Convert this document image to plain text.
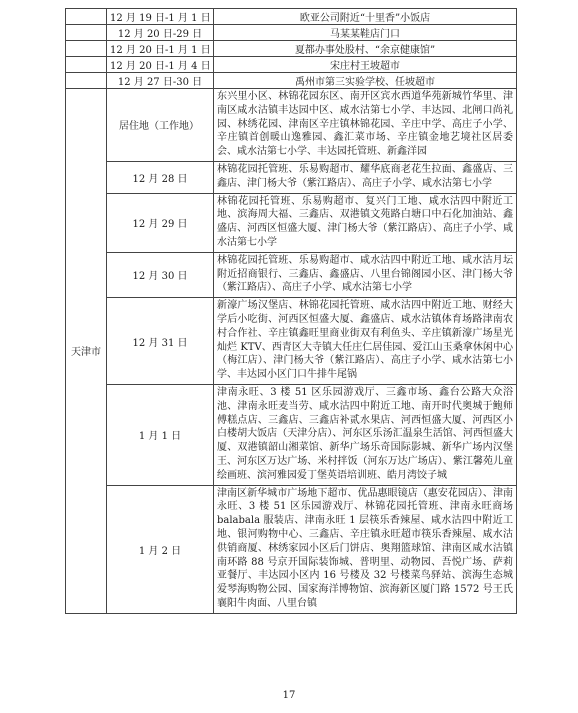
	12 月 19 日-1 月 1 日	欧亚公司附近“十里香”小饭店
	12 月 20 日-29 日	马某某鞋店门口
	12 月 20 日-1 月 1 日	夏都办事处股村、“余京健康馆”
	12 月 20 日-1 月 4 日	宋庄村王坡超市
	12 月 27 日-30 日	禹州市第三实验学校、任坡超市
天津市	居住地（工作地）	东兴里小区、林锦花园东区、南开区宾水西道华苑新城竹华里、津南区咸水沽镇丰达园中区、咸水沽第七小学、丰达园、北闸口尚礼园、林绣花园、津南区辛庄镇林锦花园、辛庄中学、高庄子小学、辛庄镇首创暖山逸雅园、鑫汇菜市场、辛庄镇金地艺境社区居委会、咸水沽第七小学、丰达园托管班、新鑫洋园
	12 月 28 日	林锦花园托管班、乐易购超市、耀华底商老花生拉面、鑫盛店、三鑫店、津门杨大爷（紫江路店）、高庄子小学、咸水沽第七小学
	12 月 29 日	林锦花园托管班、乐易购超市、复兴门工地、咸水沽四中附近工地、滨海周大福、三鑫店、双港镇文苑路白塘口中石化加油站、鑫盛店、河西区恒盛大厦、津门杨大爷（紫江路店）、高庄子小学、咸水沽第七小学
	12 月 30 日	林锦花园托管班、乐易购超市、咸水沽四中附近工地、咸水沽月坛附近招商银行、三鑫店、鑫盛店、八里台锦阁园小区、津门杨大爷（紫江路店）、高庄子小学、咸水沽第七小学
	12 月 31 日	新濠广场汉堡店、林锦花园托管班、咸水沽四中附近工地、财经大学后小吃街、河西区恒盛大厦、鑫盛店、咸水沽镇体育场路津南农村合作社、辛庄镇鑫旺里商业街双有利鱼头、辛庄镇新濠广场星光灿烂 KTV、西青区大寺镇大任庄仁居佳园、爱江山玉桑拿休闲中心（梅江店）、津门杨大爷（紫江路店）、高庄子小学、咸水沽第七小学、丰达园小区门口牛排牛尾锅
	1 月 1 日	津南永旺、3 楼 51 区乐园游戏厅、三鑫市场、鑫台公路大众浴池、津南永旺麦当劳、咸水沽四中附近工地、南开时代奥城于鲍师傅糕点店、三鑫店、三鑫店补贰水果店、河西恒盛大厦、河西区小白楼胡大饭店（天津分店）、河东区乐汤汇温泉生活馆、河西恒盛大厦、双港镇韶山湘菜馆、新华广场乐奇国际影城、新华广场内汉堡王、河东区万达广场、米村拌饭（河东万达广场店）、紫江馨苑儿童绘画班、滨河雅园爱丁堡英语培训班、皓月湾饺子城
	1 月 2 日	津南区新华城市广场地下超市、优品惠眼镜店（惠安花园店）、津南永旺、3 楼 51 区乐园游戏厅、林锦花园托管班、津南永旺商场 balabala 服装店、津南永旺 1 层筷乐香辣屋、咸水沽四中附近工地、银河购物中心、三鑫店、辛庄镇永旺超市筷乐香辣屋、咸水沽供销商厦、林绣家园小区后门饼店、奥翔篮球馆、津南区咸水沽镇南环路 88 号京开国际装饰城、普明里、动物园、吾悦广场、萨莉亚餐厅、丰达园小区内 16 号楼及 32 号楼菜鸟驿站、滨海生态城爱琴海购物公园、国家海洋博物馆、滨海新区厦门路 1572 号王氏襄阳牛肉面、八里台镇
17
